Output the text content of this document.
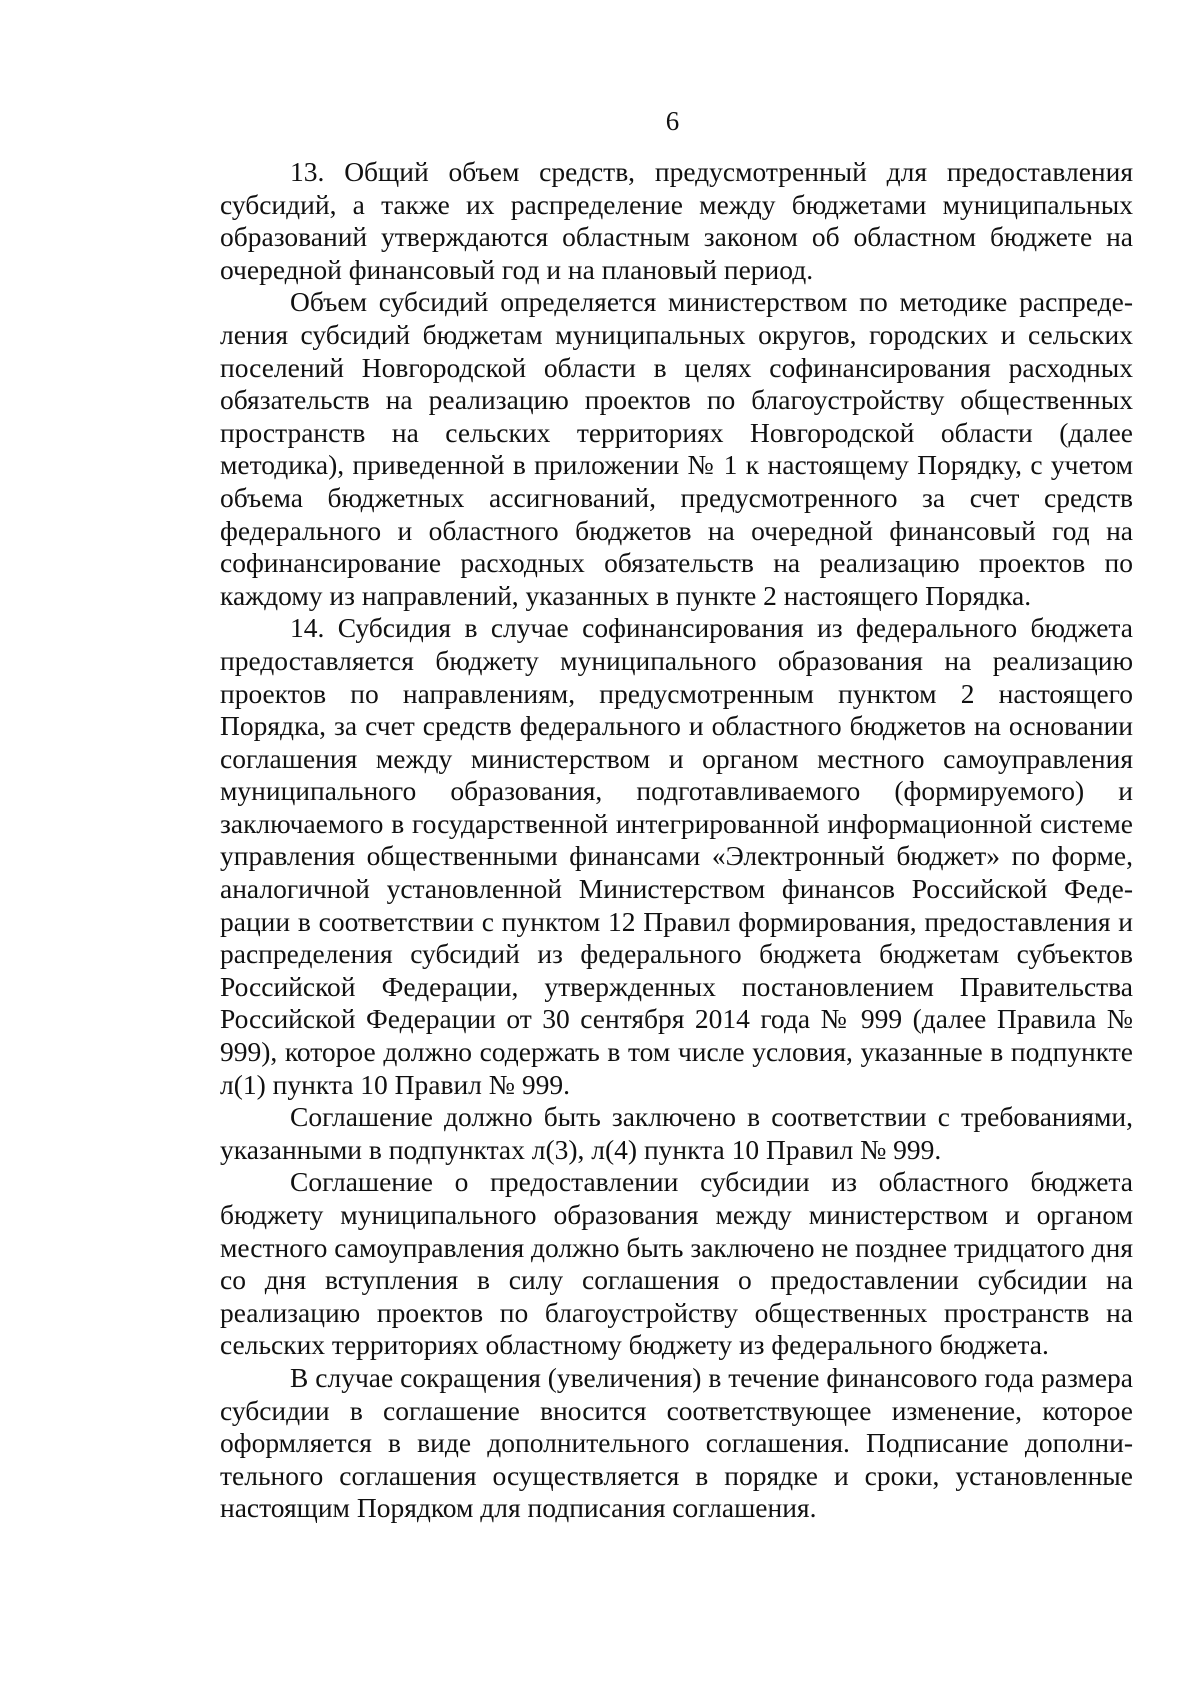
6

13. Общий объем средств, предусмотренный для предоставления субсидий, а также их распределение между бюджетами муниципальных образований утверждаются областным законом об областном бюджете на очередной финансовый год и на плановый период.

Объем субсидий определяется министерством по методике распределения субсидий бюджетам муниципальных округов, городских и сельских поселений Новгородской области в целях софинансирования расходных обязательств на реализацию проектов по благоустройству общественных пространств на сельских территориях Новгородской области (далее методика), приведенной в приложении № 1 к настоящему Порядку, с учетом объема бюджетных ассигнований, предусмотренного за счет средств федерального и областного бюджетов на очередной финансовый год на софинансирование расходных обязательств на реализацию проектов по каждому из направлений, указанных в пункте 2 настоящего Порядка.

14. Субсидия в случае софинансирования из федерального бюджета предоставляется бюджету муниципального образования на реализацию проектов по направлениям, предусмотренным пунктом 2 настоящего Порядка, за счет средств федерального и областного бюджетов на основании соглашения между министерством и органом местного самоуправления муниципального образования, подготавливаемого (формируемого) и заключаемого в государственной интегрированной информационной системе управления общественными финансами «Электронный бюджет» по форме, аналогичной установленной Министерством финансов Российской Федерации в соответствии с пунктом 12 Правил формирования, предоставления и распределения субсидий из федерального бюджета бюджетам субъектов Российской Федерации, утвержденных постановлением Правительства Российской Федерации от 30 сентября 2014 года № 999 (далее Правила № 999), которое должно содержать в том числе условия, указанные в подпункте л(1) пункта 10 Правил № 999.

Соглашение должно быть заключено в соответствии с требованиями, указанными в подпунктах л(3), л(4) пункта 10 Правил № 999.

Соглашение о предоставлении субсидии из областного бюджета бюджету муниципального образования между министерством и органом местного самоуправления должно быть заключено не позднее тридцатого дня со дня вступления в силу соглашения о предоставлении субсидии на реализацию проектов по благоустройству общественных пространств на сельских территориях областному бюджету из федерального бюджета.

В случае сокращения (увеличения) в течение финансового года размера субсидии в соглашение вносится соответствующее изменение, которое оформляется в виде дополнительного соглашения. Подписание дополнительного соглашения осуществляется в порядке и сроки, установленные настоящим Порядком для подписания соглашения.
